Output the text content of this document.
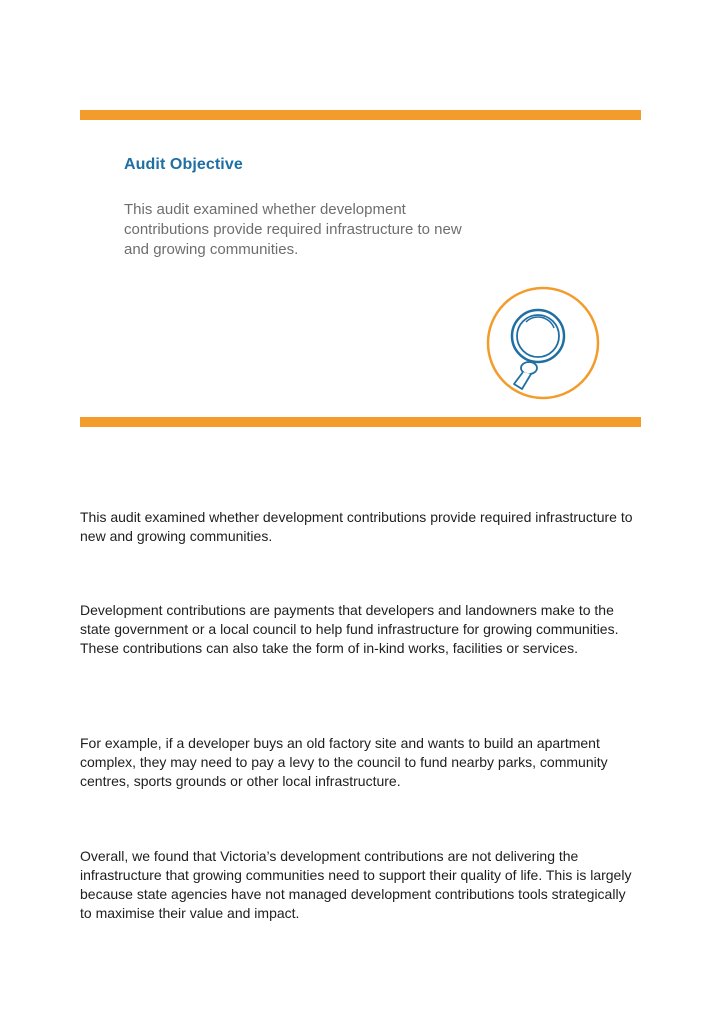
Audit Objective
This audit examined whether development contributions provide required infrastructure to new and growing communities.

This audit examined whether development contributions provide required infrastructure to new and growing communities.

Development contributions are payments that developers and landowners make to the state government or a local council to help fund infrastructure for growing communities. These contributions can also take the form of in-kind works, facilities or services.

For example, if a developer buys an old factory site and wants to build an apartment complex, they may need to pay a levy to the council to fund nearby parks, community centres, sports grounds or other local infrastructure.

Overall, we found that Victoria’s development contributions are not delivering the infrastructure that growing communities need to support their quality of life. This is largely because state agencies have not managed development contributions tools strategically to maximise their value and impact.
